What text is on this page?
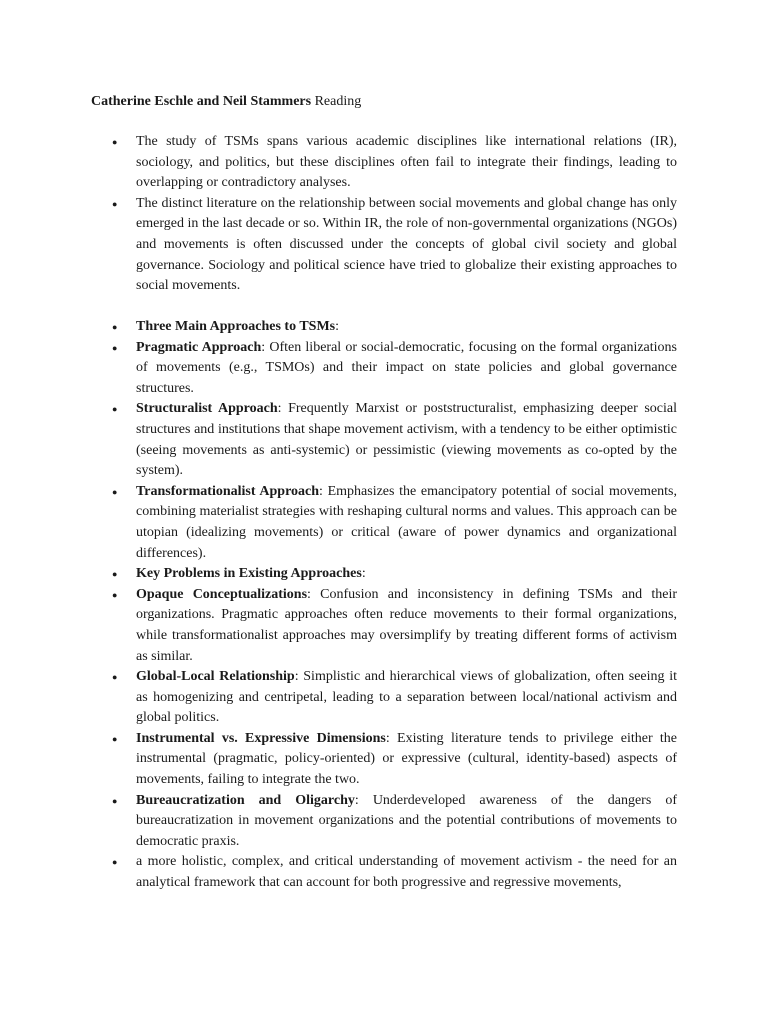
Catherine Eschle and Neil Stammers Reading
● The study of TSMs spans various academic disciplines like international relations (IR), sociology, and politics, but these disciplines often fail to integrate their findings, leading to overlapping or contradictory analyses.
● The distinct literature on the relationship between social movements and global change has only emerged in the last decade or so. Within IR, the role of non-governmental organizations (NGOs) and movements is often discussed under the concepts of global civil society and global governance. Sociology and political science have tried to globalize their existing approaches to social movements.
● Three Main Approaches to TSMs:
● Pragmatic Approach: Often liberal or social-democratic, focusing on the formal organizations of movements (e.g., TSMOs) and their impact on state policies and global governance structures.
● Structuralist Approach: Frequently Marxist or poststructuralist, emphasizing deeper social structures and institutions that shape movement activism, with a tendency to be either optimistic (seeing movements as anti-systemic) or pessimistic (viewing movements as co-opted by the system).
● Transformationalist Approach: Emphasizes the emancipatory potential of social movements, combining materialist strategies with reshaping cultural norms and values. This approach can be utopian (idealizing movements) or critical (aware of power dynamics and organizational differences).
● Key Problems in Existing Approaches:
● Opaque Conceptualizations: Confusion and inconsistency in defining TSMs and their organizations. Pragmatic approaches often reduce movements to their formal organizations, while transformationalist approaches may oversimplify by treating different forms of activism as similar.
● Global-Local Relationship: Simplistic and hierarchical views of globalization, often seeing it as homogenizing and centripetal, leading to a separation between local/national activism and global politics.
● Instrumental vs. Expressive Dimensions: Existing literature tends to privilege either the instrumental (pragmatic, policy-oriented) or expressive (cultural, identity-based) aspects of movements, failing to integrate the two.
● Bureaucratization and Oligarchy: Underdeveloped awareness of the dangers of bureaucratization in movement organizations and the potential contributions of movements to democratic praxis.
● a more holistic, complex, and critical understanding of movement activism - the need for an analytical framework that can account for both progressive and regressive movements,
